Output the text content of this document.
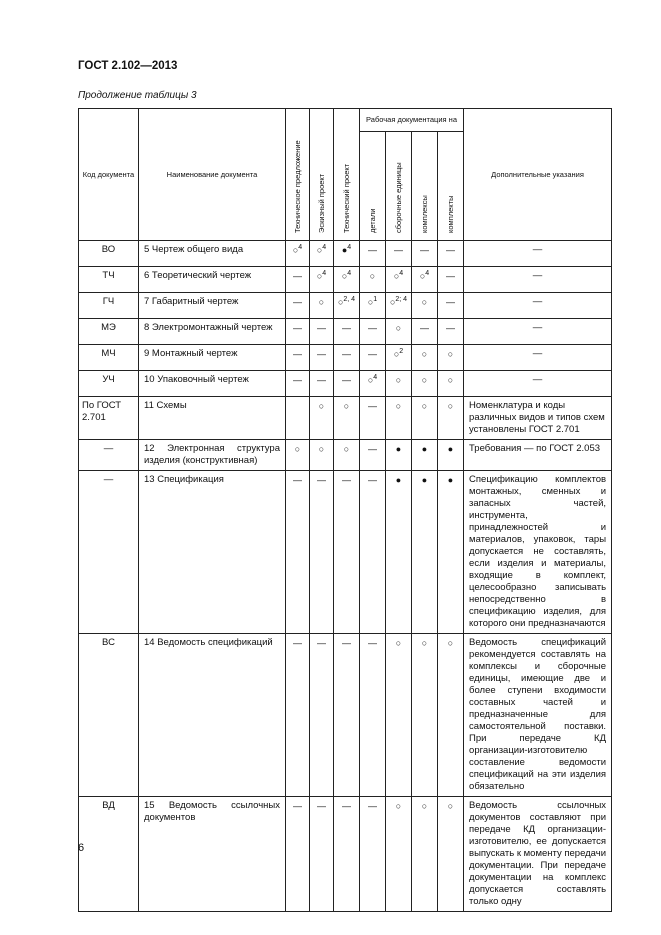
ГОСТ 2.102—2013
Продолжение таблицы 3
Код документа	Наименование документа	Техническое предложение	Эскизный проект	Технический проект	Рабочая документация на				Дополнительные указания
					детали	сборочные единицы	комплексы	комплекты	
ВО	5 Чертеж общего вида	○$^4$	○$^4$	●$^4$	—	—	—	—	—
ТЧ	6 Теоретический чертеж	—	○$^4$	○$^4$	○	○$^4$	○$^4$	—	—
ГЧ	7 Габаритный чертеж	—	○	○$^{2, 4}$	○$^1$	○$^{2; 4}$	○	—	—
МЭ	8 Электромонтажный чертеж	—	—	—	—	○	—	—	—
МЧ	9 Монтажный чертеж	—	—	—	—	○$^2$	○	○	—
УЧ	10 Упаковочный чертеж	—	—	—	○$^4$	○	○	○	—
По ГОСТ 2.701	11 Схемы		○	○	—	○	○	○	Номенклатура и коды различных видов и типов схем установлены ГОСТ 2.701
—	12 Электронная структура изделия (конструктивная)	○	○	○	—	●	●	●	Требования — по ГОСТ 2.053
—	13 Спецификация	—	—	—	—	●	●	●	Спецификацию комплектов монтажных, сменных и запасных частей, инструмента, принадлежностей и материалов, упаковок, тары допускается не составлять, если изделия и материалы, входящие в комплект, целесообразно записывать непосредственно в спецификацию изделия, для которого они предназначаются
ВС	14 Ведомость спецификаций	—	—	—	—	○	○	○	Ведомость спецификаций рекомендуется составлять на комплексы и сборочные единицы, имеющие две и более ступени входимости составных частей и предназначенные для самостоятельной поставки. При передаче КД организации-изготовителю составление ведомости спецификаций на эти изделия обязательно
ВД	15 Ведомость ссылочных документов	—	—	—	—	○	○	○	Ведомость ссылочных документов составляют при передаче КД организации-изготовителю, ее допускается выпускать к моменту передачи документации. При передаче документации на комплекс допускается составлять только одну
6
